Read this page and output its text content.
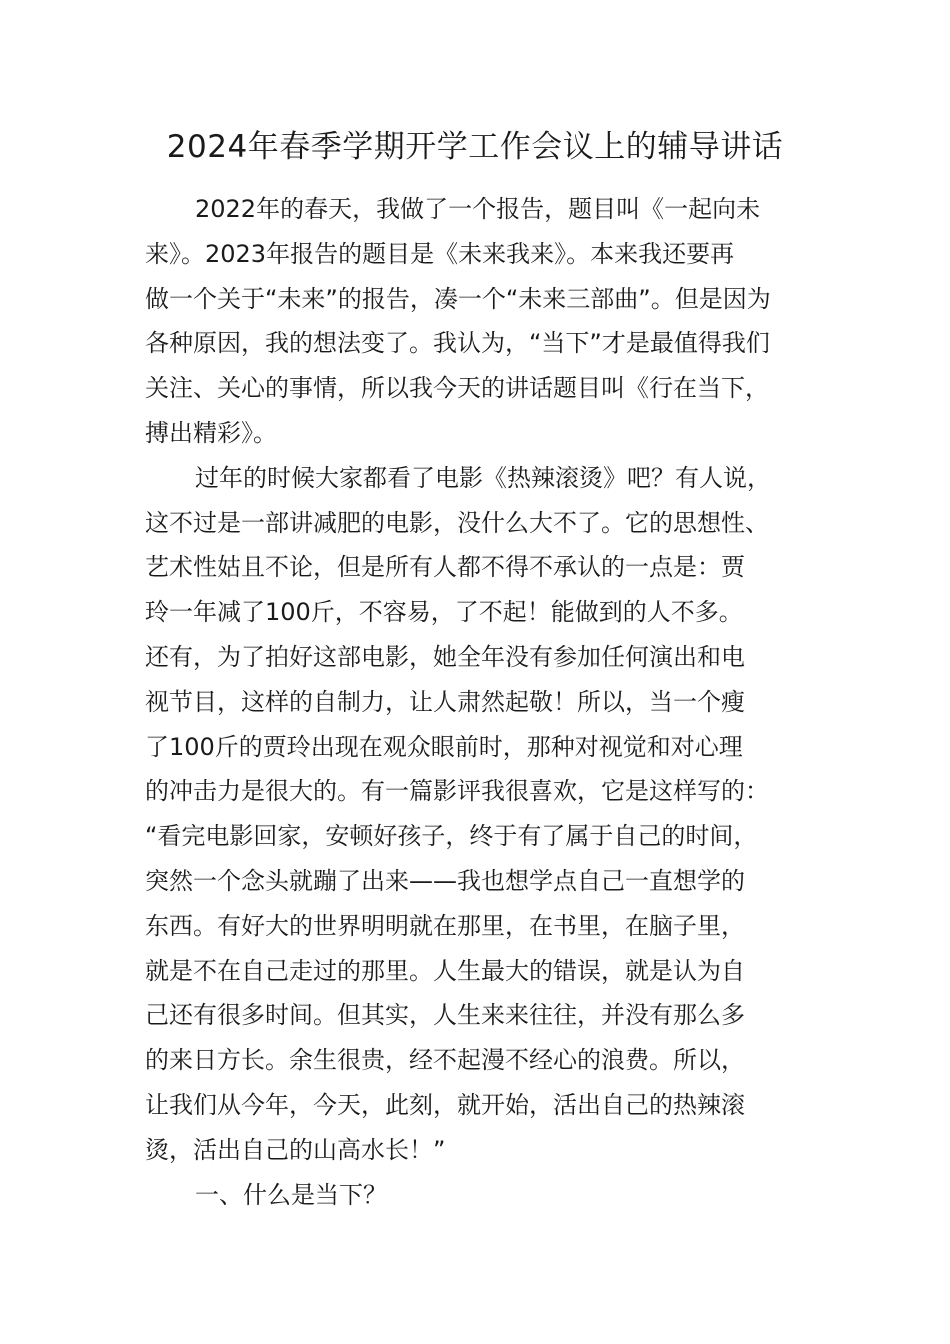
2024年春季学期开学工作会议上的辅导讲话
2022年的春天，我做了一个报告，题目叫《一起向未
来》。2023年报告的题目是《未来我来》。本来我还要再
做一个关于“未来”的报告，凑一个“未来三部曲”。但是因为
各种原因，我的想法变了。我认为，“当下”才是最值得我们
关注、关心的事情，所以我今天的讲话题目叫《行在当下，
搏出精彩》。
过年的时候大家都看了电影《热辣滚烫》吧？有人说，
这不过是一部讲减肥的电影，没什么大不了。它的思想性、
艺术性姑且不论，但是所有人都不得不承认的一点是：贾
玲一年减了100斤，不容易，了不起！能做到的人不多。
还有，为了拍好这部电影，她全年没有参加任何演出和电
视节目，这样的自制力，让人肃然起敬！所以，当一个瘦
了100斤的贾玲出现在观众眼前时，那种对视觉和对心理
的冲击力是很大的。有一篇影评我很喜欢，它是这样写的：
“看完电影回家，安顿好孩子，终于有了属于自己的时间，
突然一个念头就蹦了出来——我也想学点自己一直想学的
东西。有好大的世界明明就在那里，在书里，在脑子里，
就是不在自己走过的那里。人生最大的错误，就是认为自
己还有很多时间。但其实，人生来来往往，并没有那么多
的来日方长。余生很贵，经不起漫不经心的浪费。所以，
让我们从今年，今天，此刻，就开始，活出自己的热辣滚
烫，活出自己的山高水长！”
一、什么是当下？
